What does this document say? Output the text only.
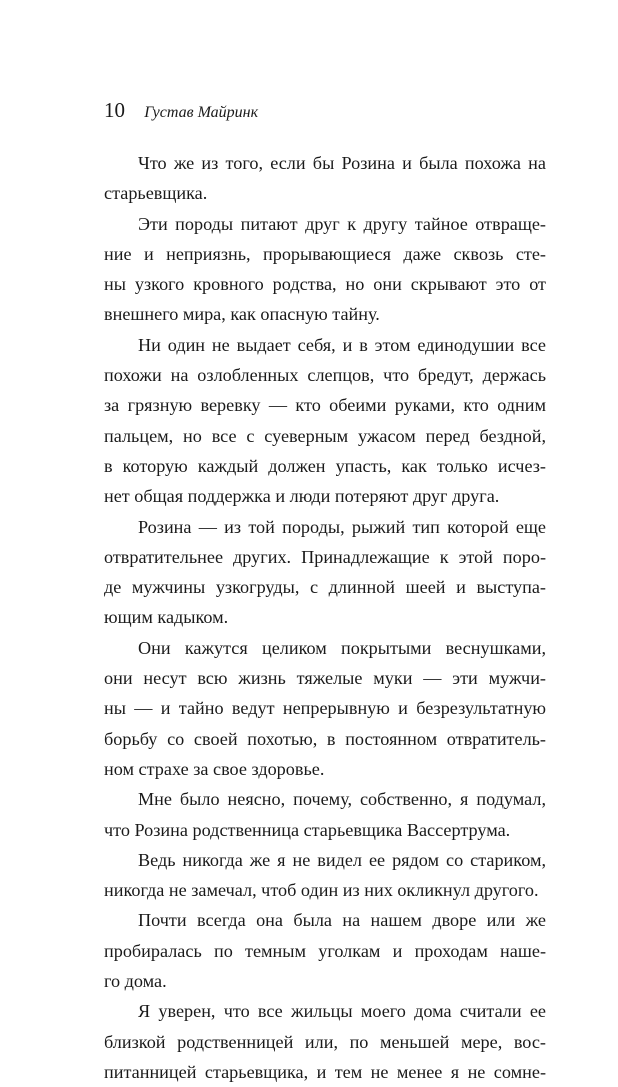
10 Густав Майринк
Что же из того, если бы Розина и была похожа на
старьевщика.
Эти породы питают друг к другу тайное отвраще-
ние и неприязнь, прорывающиеся даже сквозь сте-
ны узкого кровного родства, но они скрывают это от
внешнего мира, как опасную тайну.
Ни один не выдает себя, и в этом единодушии все
похожи на озлобленных слепцов, что бредут, держась
за грязную веревку — кто обеими руками, кто одним
пальцем, но все с суеверным ужасом перед бездной,
в которую каждый должен упасть, как только исчез-
нет общая поддержка и люди потеряют друг друга.
Розина — из той породы, рыжий тип которой еще
отвратительнее других. Принадлежащие к этой поро-
де мужчины узкогруды, с длинной шеей и выступа-
ющим кадыком.
Они кажутся целиком покрытыми веснушками,
они несут всю жизнь тяжелые муки — эти мужчи-
ны — и тайно ведут непрерывную и безрезультатную
борьбу со своей похотью, в постоянном отвратитель-
ном страхе за свое здоровье.
Мне было неясно, почему, собственно, я подумал,
что Розина родственница старьевщика Вассертрума.
Ведь никогда же я не видел ее рядом со стариком,
никогда не замечал, чтоб один из них окликнул другого.
Почти всегда она была на нашем дворе или же
пробиралась по темным уголкам и проходам наше-
го дома.
Я уверен, что все жильцы моего дома считали ее
близкой родственницей или, по меньшей мере, вос-
питанницей старьевщика, и тем не менее я не сомне-
